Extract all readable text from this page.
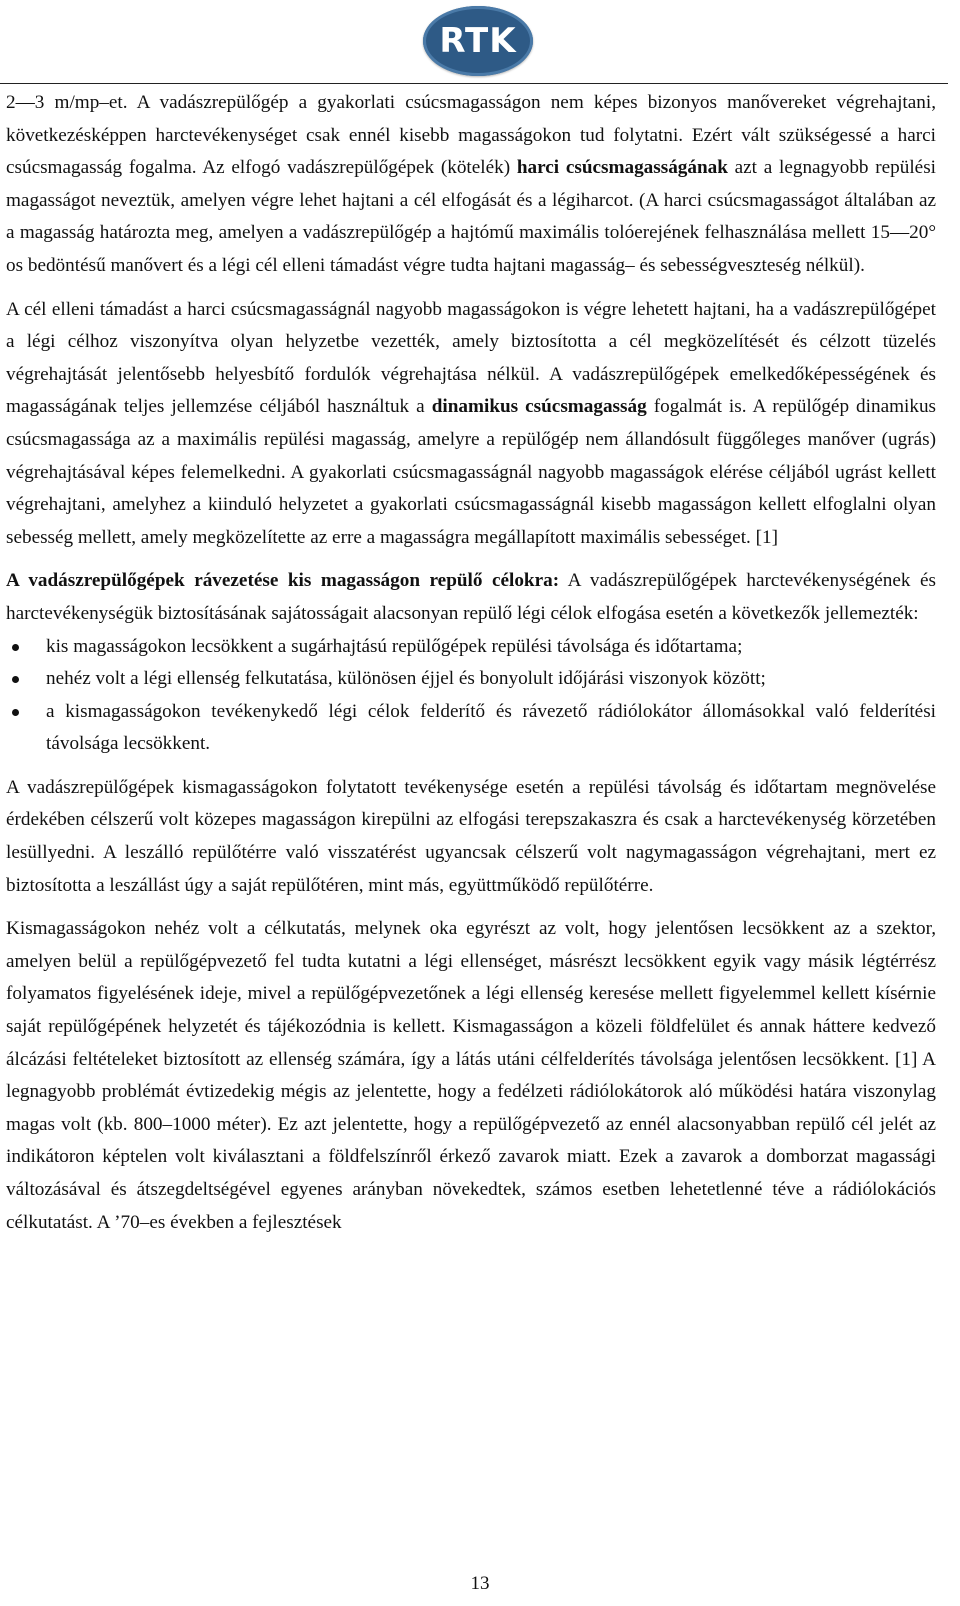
RTK

2—3 m/mp–et. A vadászrepülőgép a gyakorlati csúcsmagasságon nem képes bizonyos manővereket végrehajtani, következésképpen harctevékenységet csak ennél kisebb magasságokon tud folytatni. Ezért vált szükségessé a harci csúcsmagasság fogalma. Az elfogó vadászrepülőgépek (kötelék) harci csúcsmagasságának azt a legnagyobb repülési magasságot neveztük, amelyen végre lehet hajtani a cél elfogását és a légiharcot. (A harci csúcsmagasságot általában az a magasság határozta meg, amelyen a vadászrepülőgép a hajtómű maximális tolóerejének felhasználása mellett 15—20° os bedöntésű manővert és a légi cél elleni támadást végre tudta hajtani magasság– és sebességveszteség nélkül).

A cél elleni támadást a harci csúcsmagasságnál nagyobb magasságokon is végre lehetett hajtani, ha a vadászrepülőgépet a légi célhoz viszonyítva olyan helyzetbe vezették, amely biztosította a cél megközelítését és célzott tüzelés végrehajtását jelentősebb helyesbítő fordulók végrehajtása nélkül. A vadászrepülőgépek emelkedőképességének és magasságának teljes jellemzése céljából használtuk a dinamikus csúcsmagasság fogalmát is. A repülőgép dinamikus csúcsmagassága az a maximális repülési magasság, amelyre a repülőgép nem állandósult függőleges manőver (ugrás) végrehajtásával képes felemelkedni. A gyakorlati csúcsmagasságnál nagyobb magasságok elérése céljából ugrást kellett végrehajtani, amelyhez a kiinduló helyzetet a gyakorlati csúcsmagasságnál kisebb magasságon kellett elfoglalni olyan sebesség mellett, amely megközelítette az erre a magasságra megállapított maximális sebességet. [1]

A vadászrepülőgépek rávezetése kis magasságon repülő célokra: A vadászrepülőgépek harctevékenységének és harctevékenységük biztosításának sajátosságait alacsonyan repülő légi célok elfogása esetén a következők jellemezték:

kis magasságokon lecsökkent a sugárhajtású repülőgépek repülési távolsága és időtartama;
nehéz volt a légi ellenség felkutatása, különösen éjjel és bonyolult időjárási viszonyok között;
a kismagasságokon tevékenykedő légi célok felderítő és rávezető rádiólokátor állomásokkal való felderítési távolsága lecsökkent.

A vadászrepülőgépek kismagasságokon folytatott tevékenysége esetén a repülési távolság és időtartam megnövelése érdekében célszerű volt közepes magasságon kirepülni az elfogási terepszakaszra és csak a harctevékenység körzetében lesüllyedni. A leszálló repülőtérre való visszatérést ugyancsak célszerű volt nagymagasságon végrehajtani, mert ez biztosította a leszállást úgy a saját repülőtéren, mint más, együttműködő repülőtérre.

Kismagasságokon nehéz volt a célkutatás, melynek oka egyrészt az volt, hogy jelentősen lecsökkent az a szektor, amelyen belül a repülőgépvezető fel tudta kutatni a légi ellenséget, másrészt lecsökkent egyik vagy másik légtérrész folyamatos figyelésének ideje, mivel a repülőgépvezetőnek a légi ellenség keresése mellett figyelemmel kellett kísérnie saját repülőgépének helyzetét és tájékozódnia is kellett. Kismagasságon a közeli földfelület és annak háttere kedvező álcázási feltételeket biztosított az ellenség számára, így a látás utáni célfelderítés távolsága jelentősen lecsökkent. [1] A legnagyobb problémát évtizedekig mégis az jelentette, hogy a fedélzeti rádiólokátorok aló működési határa viszonylag magas volt (kb. 800–1000 méter). Ez azt jelentette, hogy a repülőgépvezető az ennél alacsonyabban repülő cél jelét az indikátoron képtelen volt kiválasztani a földfelszínről érkező zavarok miatt. Ezek a zavarok a domborzat magassági változásával és átszegdeltségével egyenes arányban növekedtek, számos esetben lehetetlenné téve a rádiólokációs célkutatást. A ’70–es években a fejlesztések

13
